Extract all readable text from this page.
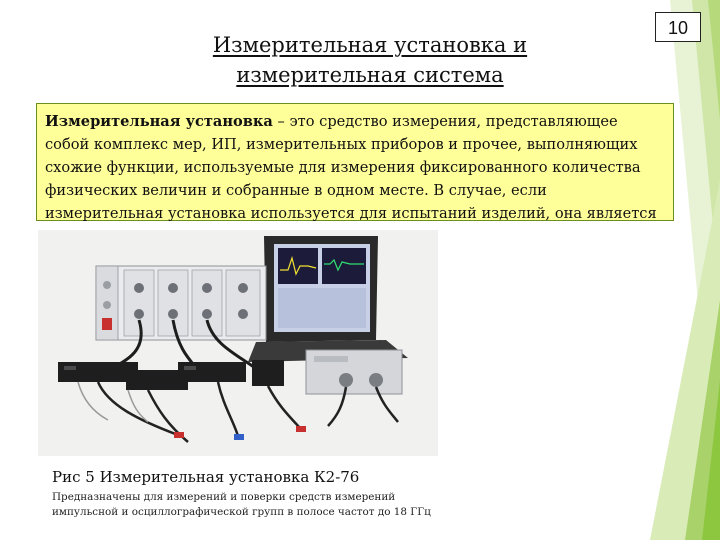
10
Измерительная установка и
измерительная система
Измерительная установка – это средство измерения, представляющее собой комплекс мер, ИП, измерительных приборов и прочее, выполняющих схожие функции, используемые для измерения фиксированного количества физических величин и собранные в одном месте. В случае, если измерительная установка используется для испытаний изделий, она является
Рис 5 Измерительная установка К2-76
Предназначены для измерений и поверки средств измерений импульсной и осциллографической групп в полосе частот до 18 ГГц
